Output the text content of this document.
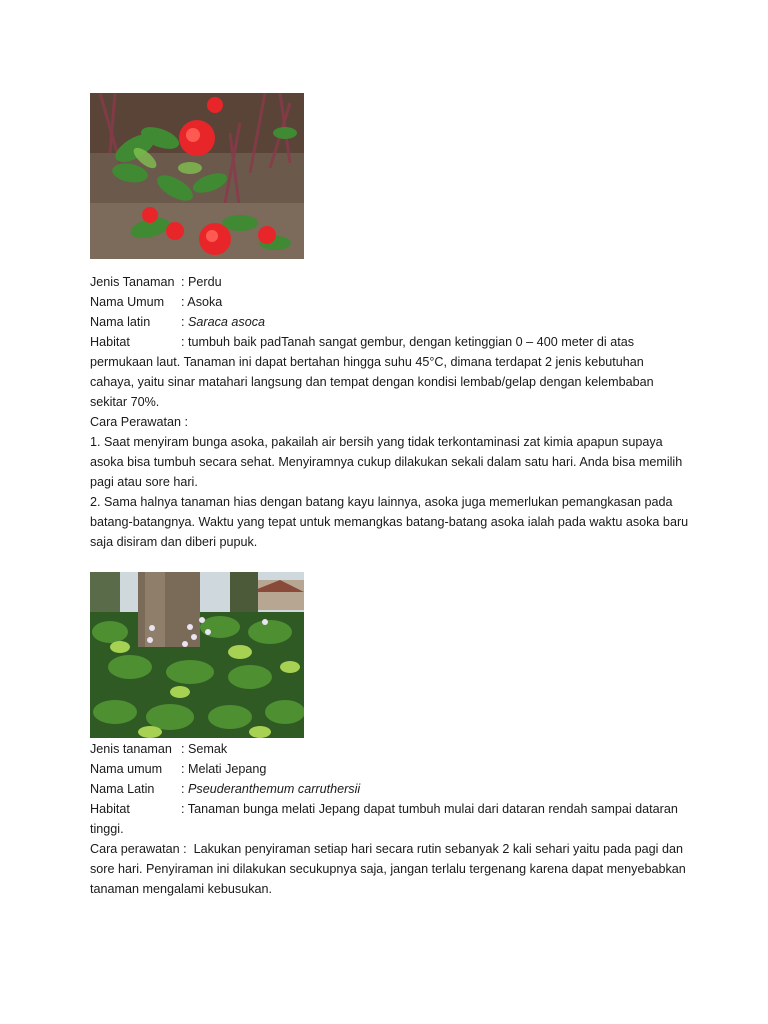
Jenis Tanaman : Perdu
Nama Umum	: Asoka
Nama latin	: Saraca asoca
Habitat	: tumbuh baik padTanah sangat gembur, dengan ketinggian 0 – 400 meter di atas permukaan laut. Tanaman ini dapat bertahan hingga suhu 45°C, dimana terdapat 2 jenis kebutuhan cahaya, yaitu sinar matahari langsung dan tempat dengan kondisi lembab/gelap dengan kelembaban sekitar 70%.
Cara Perawatan :
1. Saat menyiram bunga asoka, pakailah air bersih yang tidak terkontaminasi zat kimia apapun supaya asoka bisa tumbuh secara sehat. Menyiramnya cukup dilakukan sekali dalam satu hari. Anda bisa memilih pagi atau sore hari.
2. Sama halnya tanaman hias dengan batang kayu lainnya, asoka juga memerlukan pemangkasan pada batang-batangnya. Waktu yang tepat untuk memangkas batang-batang asoka ialah pada waktu asoka baru saja disiram dan diberi pupuk.
Jenis tanaman : Semak
Nama umum	: Melati Jepang
Nama Latin	: Pseuderanthemum carruthersii
Habitat	: Tanaman bunga melati Jepang dapat tumbuh mulai dari dataran rendah sampai dataran tinggi.
Cara perawatan : Lakukan penyiraman setiap hari secara rutin sebanyak 2 kali sehari yaitu pada pagi dan sore hari. Penyiraman ini dilakukan secukupnya saja, jangan terlalu tergenang karena dapat menyebabkan tanaman mengalami kebusukan.
